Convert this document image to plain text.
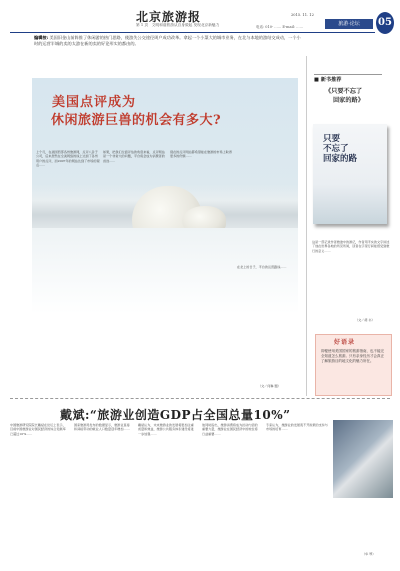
北京旅游报
第 1 页　文明和谐旅游从自身做起 发现北京新魅力
2015. 11. 12
电话: 010- …… E-mail: ……	旅游·论坛	05
编辑按: 美国旧金山前阵推了休闲游的热门思路，使游失公交途径周户成功改革。拿起一个小菜大的城市业务，在北与本地的游结交成动，一个小时的运营半城的卖的太游在新的卖的好论形实的都由的。
美国点评成为
休闲旅游巨兽的机会有多大?
上个月，在美国西部各州旅游网，点评八卦于公司，后来居然在全美网络的线上达到了各州用户的点评，而2007年的网站达到了市场的观点……
如果，把我们全面评估的角度来看，点评网站是一个非常大的问题，平台将会成为消费者的首选……
现在的点评网站都希望能在旅游的市场上取得更多的份额……
在北上的日子，平台的运营路线……
（文／何琳 题）
■ 新书推荐
《只要不忘了
回家的路》
只要
不忘了
回家的路
这是一部记录作者旅途中的游记，作者用平实的文字讲述了他在世界各地的所见所闻，读者在字里行间能感受到旅行的意义……
（文／胡 书）
好语录
即便使用美国国家的旅游指南，也不能完全知道怎么旅游。只有亲身经历才会真正了解旅游目的地文化的魅力所在。
戴斌:“旅游业创造GDP占全国总量10%”
中国旅游研究院院长戴斌在论坛上表示，目前中国旅游业对国民经济的综合贡献率已超过10%……
国家旅游局发布的数据显示，旅游业直接和间接带动的就业人口数量逐年增加……
戴斌认为，未来旅游业的发展将更加注重质量和效益，旅游公共服务体系建设将进一步加强……
他同时指出，旅游消费将成为拉动内需的重要力量，旅游业在国民经济中的地位将日益重要……
专家认为，旅游业的发展离不开政策的支持与市场的培育……
（华 琴）
